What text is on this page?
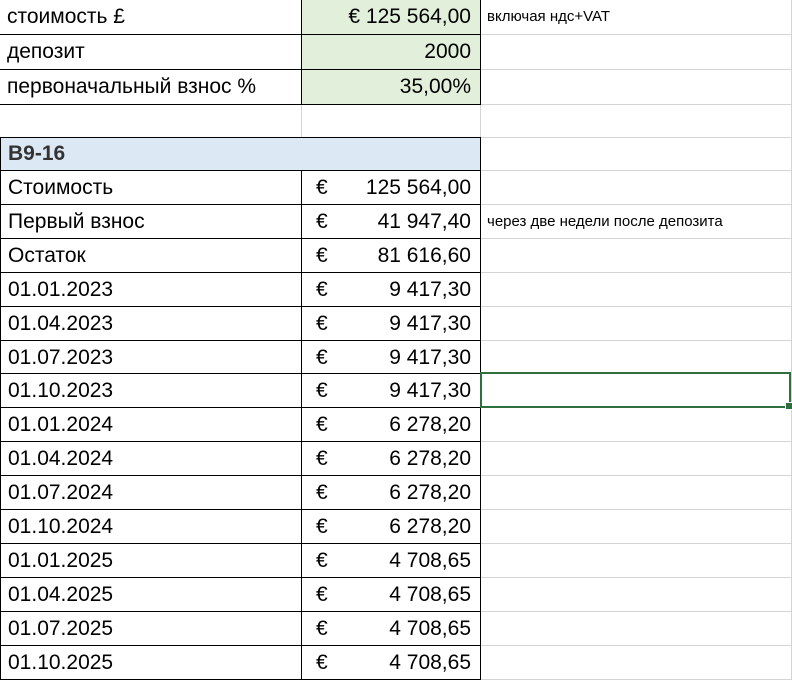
стоимость £	€ 125 564,00 включая ндс+VAT
депозит	2000
первоначальный взнос %	35,00%
B9-16
Стоимость	€ 125 564,00
Первый взнос	€ 41 947,40 через две недели после депозита
Остаток	€ 81 616,60
01.01.2023	€	9 417,30
01.04.2023	€	9 417,30
01.07.2023	€	9 417,30
01.10.2023	€	9 417,30
01.01.2024	€	6 278,20
01.04.2024	€	6 278,20
01.07.2024	€	6 278,20
01.10.2024	€	6 278,20
01.01.2025	€	4 708,65
01.04.2025	€	4 708,65
01.07.2025	€	4 708,65
01.10.2025	€	4 708,65
